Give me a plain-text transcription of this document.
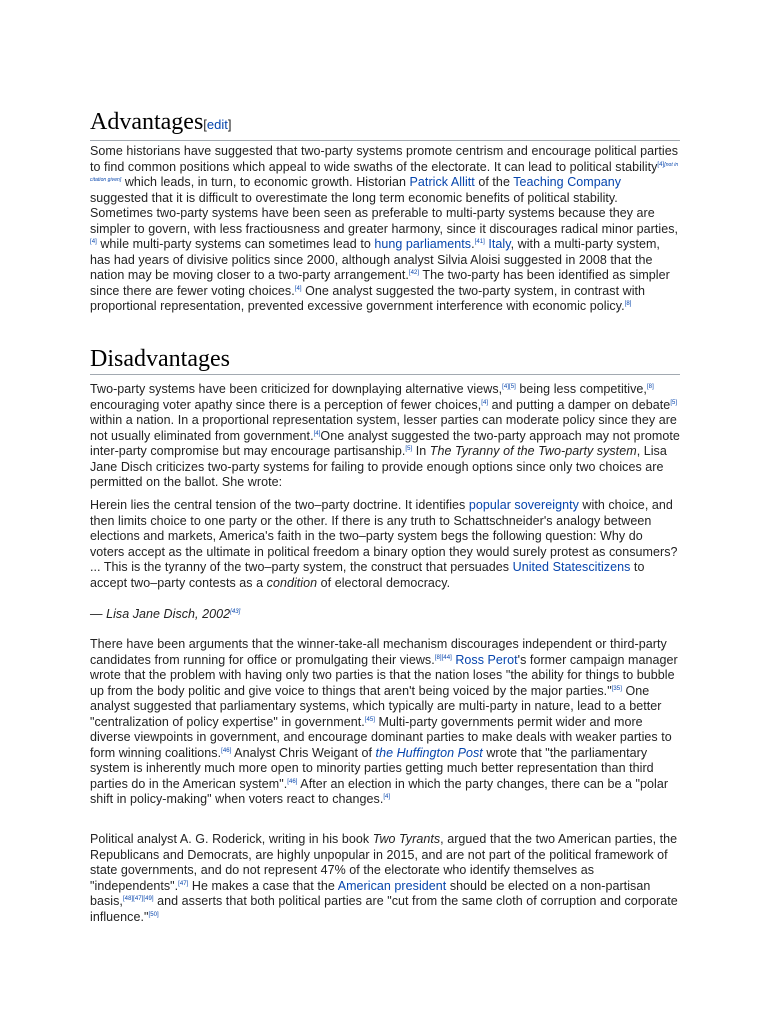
Advantages[edit]

Some historians have suggested that two-party systems promote centrism and encourage political parties to find common positions which appeal to wide swaths of the electorate. It can lead to political stability[4][not in citation given] which leads, in turn, to economic growth. Historian Patrick Allitt of the Teaching Company suggested that it is difficult to overestimate the long term economic benefits of political stability. Sometimes two-party systems have been seen as preferable to multi-party systems because they are simpler to govern, with less fractiousness and greater harmony, since it discourages radical minor parties,[4] while multi-party systems can sometimes lead to hung parliaments.[41] Italy, with a multi-party system, has had years of divisive politics since 2000, although analyst Silvia Aloisi suggested in 2008 that the nation may be moving closer to a two-party arrangement.[42] The two-party has been identified as simpler since there are fewer voting choices.[4] One analyst suggested the two-party system, in contrast with proportional representation, prevented excessive government interference with economic policy.[8]

Disadvantages

Two-party systems have been criticized for downplaying alternative views,[4][5] being less competitive,[8] encouraging voter apathy since there is a perception of fewer choices,[4] and putting a damper on debate[5] within a nation. In a proportional representation system, lesser parties can moderate policy since they are not usually eliminated from government.[4]One analyst suggested the two-party approach may not promote inter-party compromise but may encourage partisanship.[5] In The Tyranny of the Two-party system, Lisa Jane Disch criticizes two-party systems for failing to provide enough options since only two choices are permitted on the ballot. She wrote:

Herein lies the central tension of the two–party doctrine. It identifies popular sovereignty with choice, and then limits choice to one party or the other. If there is any truth to Schattschneider's analogy between elections and markets, America's faith in the two–party system begs the following question: Why do voters accept as the ultimate in political freedom a binary option they would surely protest as consumers? ... This is the tyranny of the two–party system, the construct that persuades United Statescitizens to accept two–party contests as a condition of electoral democracy.

— Lisa Jane Disch, 2002[43]

There have been arguments that the winner-take-all mechanism discourages independent or third-party candidates from running for office or promulgating their views.[8][44] Ross Perot's former campaign manager wrote that the problem with having only two parties is that the nation loses "the ability for things to bubble up from the body politic and give voice to things that aren't being voiced by the major parties."[35] One analyst suggested that parliamentary systems, which typically are multi-party in nature, lead to a better "centralization of policy expertise" in government.[45] Multi-party governments permit wider and more diverse viewpoints in government, and encourage dominant parties to make deals with weaker parties to form winning coalitions.[46] Analyst Chris Weigant of the Huffington Post wrote that "the parliamentary system is inherently much more open to minority parties getting much better representation than third parties do in the American system".[46] After an election in which the party changes, there can be a "polar shift in policy-making" when voters react to changes.[4]

Political analyst A. G. Roderick, writing in his book Two Tyrants, argued that the two American parties, the Republicans and Democrats, are highly unpopular in 2015, and are not part of the political framework of state governments, and do not represent 47% of the electorate who identify themselves as "independents".[47] He makes a case that the American president should be elected on a non-partisan basis,[48][47][49] and asserts that both political parties are "cut from the same cloth of corruption and corporate influence."[50]
